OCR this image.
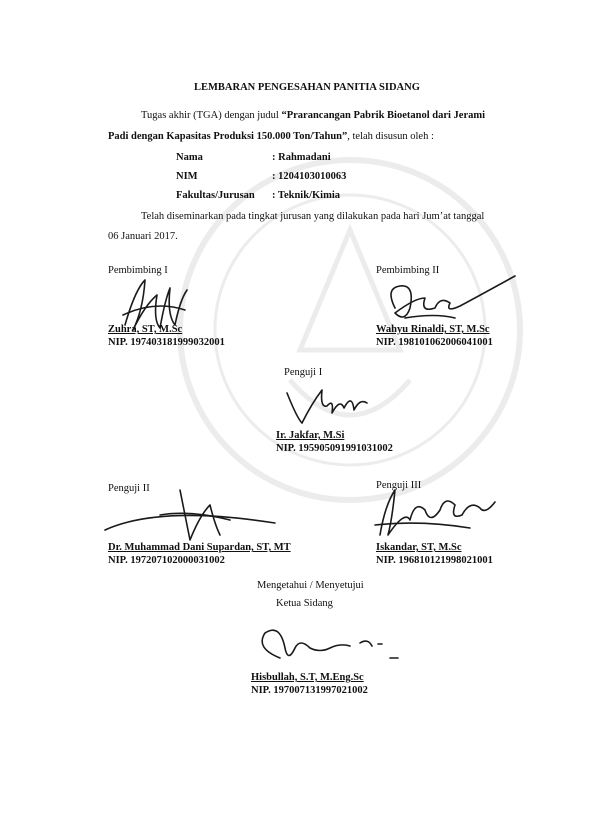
LEMBARAN PENGESAHAN PANITIA SIDANG
Tugas akhir (TGA) dengan judul “Prarancangan Pabrik Bioetanol dari Jerami
Padi dengan Kapasitas Produksi 150.000 Ton/Tahun”, telah disusun oleh :
Nama	: Rahmadani
NIM	: 1204103010063
Fakultas/Jurusan : Teknik/Kimia
Telah diseminarkan pada tingkat jurusan yang dilakukan pada hari Jum’at tanggal
06 Januari 2017.
Pembimbing I
Zuhra, ST, M.Sc
NIP. 197403181999032001
Pembimbing II
Wahyu Rinaldi, ST, M.Sc
NIP. 198101062006041001
Penguji I
Ir. Jakfar, M.Si
NIP. 195905091991031002
Penguji II
Dr. Muhammad Dani Supardan, ST, MT
NIP. 197207102000031002
Penguji III
Iskandar, ST, M.Sc
NIP. 196810121998021001
Mengetahui / Menyetujui
Ketua Sidang
Hisbullah, S.T, M.Eng.Sc
NIP. 197007131997021002
